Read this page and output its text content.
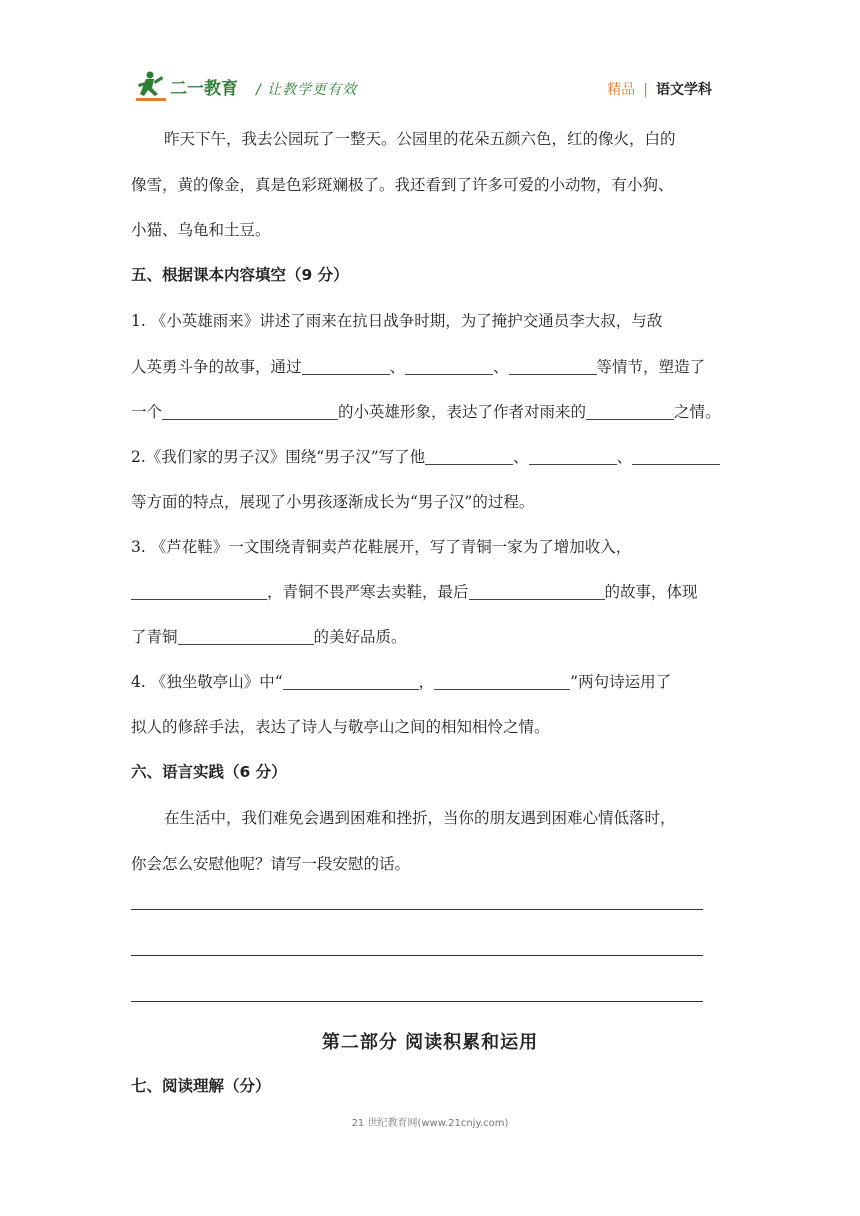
二一教育 / 让教学更有效	精品 | 语文学科
昨天下午，我去公园玩了一整天。公园里的花朵五颜六色，红的像火，白的
像雪，黄的像金，真是色彩斑斓极了。我还看到了许多可爱的小动物，有小狗、
小猫、乌龟和土豆。
五、根据课本内容填空（9 分）
1. 《小英雄雨来》讲述了雨来在抗日战争时期，为了掩护交通员李大叔，与敌
人英勇斗争的故事，通过	、	、	等情节，塑造了
一个	的小英雄形象，表达了作者对雨来的	之情。
2.《我们家的男子汉》围绕“男子汉”写了他	、	、
等方面的特点，展现了小男孩逐渐成长为“男子汉”的过程。
3. 《芦花鞋》一文围绕青铜卖芦花鞋展开，写了青铜一家为了增加收入，
，青铜不畏严寒去卖鞋，最后	的故事，体现
了青铜	的美好品质。
4. 《独坐敬亭山》中“	，	”两句诗运用了
拟人的修辞手法，表达了诗人与敬亭山之间的相知相怜之情。
六、语言实践（6 分）
在生活中，我们难免会遇到困难和挫折，当你的朋友遇到困难心情低落时，
你会怎么安慰他呢？请写一段安慰的话。
第二部分 阅读积累和运用
七、阅读理解（分）
21 世纪教育网(www.21cnjy.com)
